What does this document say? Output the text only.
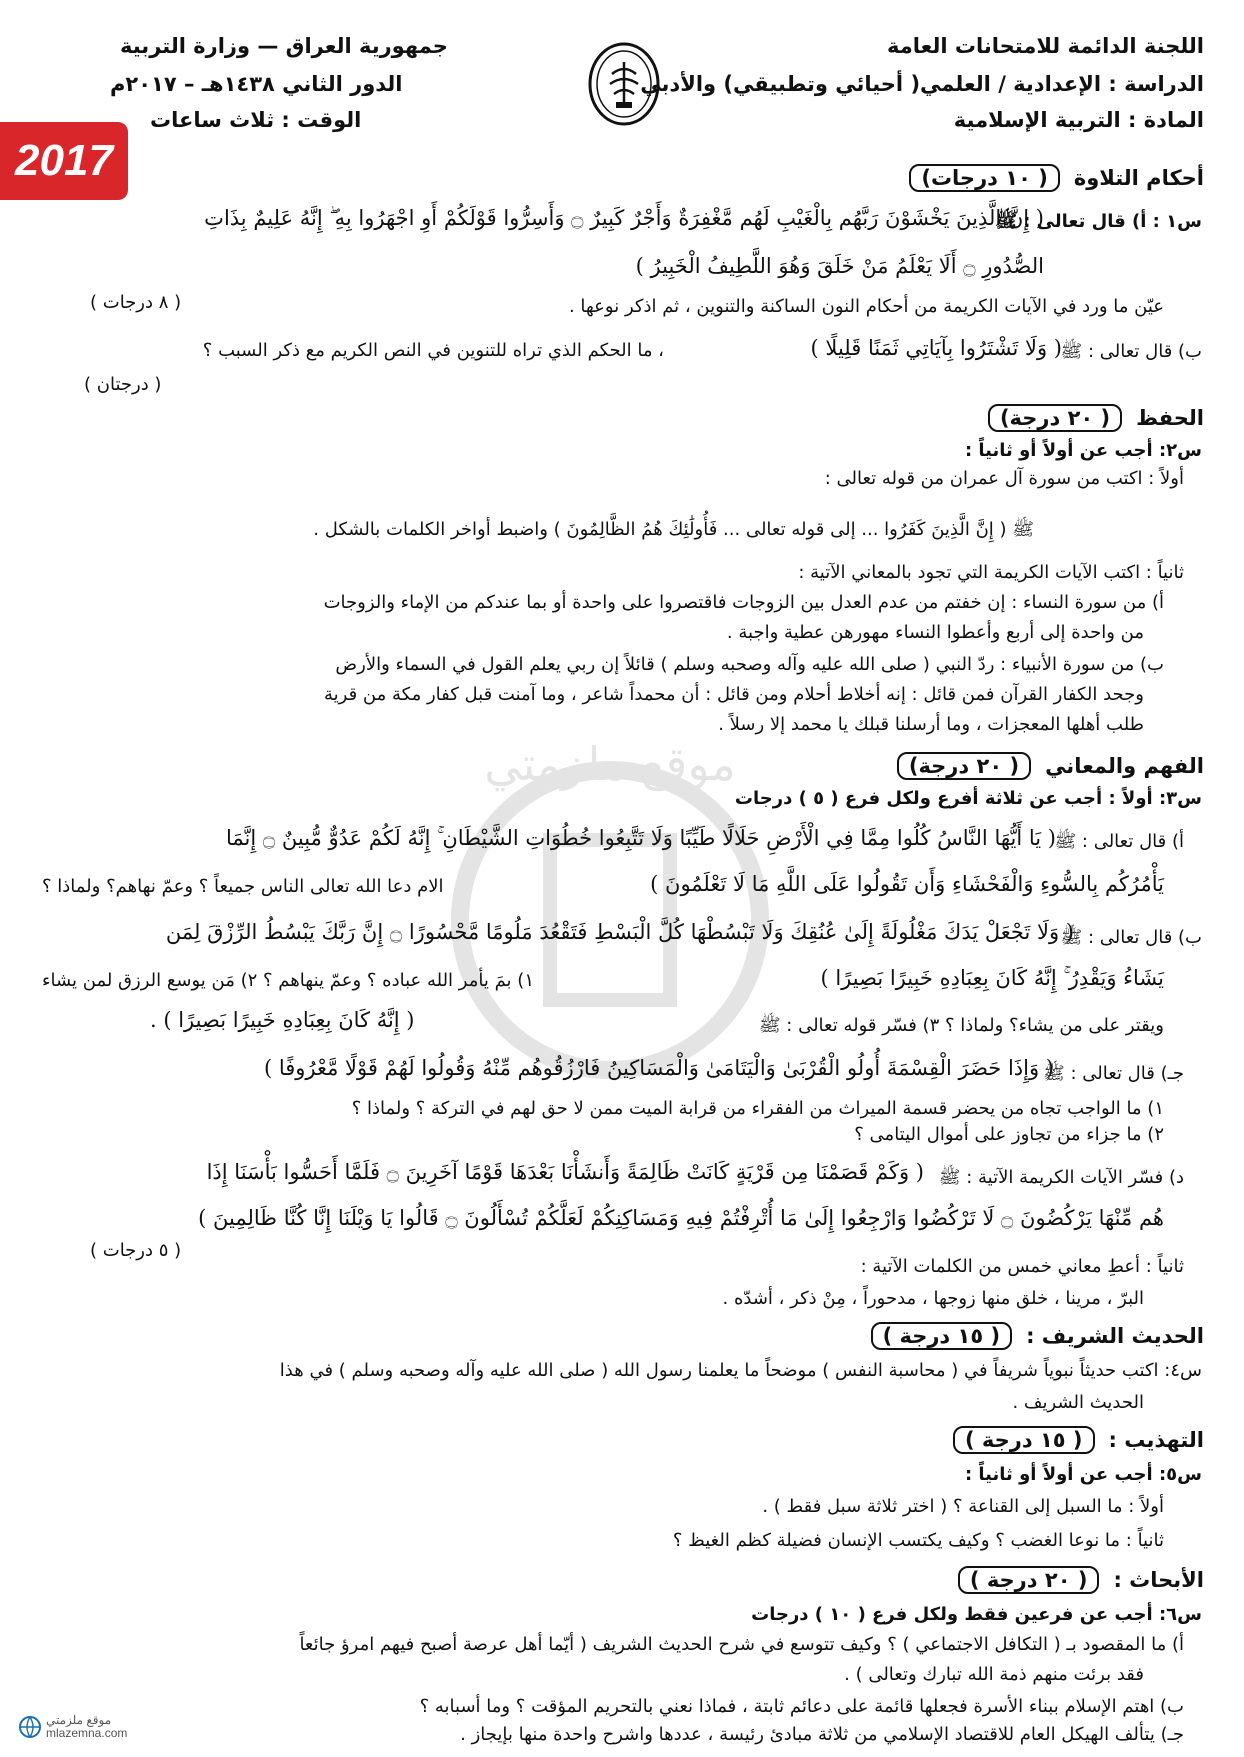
موقع ملزمتي
اللجنة الدائمة للامتحانات العامة
الدراسة : الإعدادية / العلمي( أحيائي وتطبيقي) والأدبي
المادة : التربية الإسلامية
جمهورية العراق — وزارة التربية
الدور الثاني ١٤٣٨هـ – ٢٠١٧م
الوقت : ثلاث ساعات
2017	أحكام التلاوة( ١٠ درجات)
س١ : أ) قال تعالى : ﷺ
( إِنَّ الَّذِينَ يَخْشَوْنَ رَبَّهُم بِالْغَيْبِ لَهُم مَّغْفِرَةٌ وَأَجْرٌ كَبِيرٌ ۝ وَأَسِرُّوا قَوْلَكُمْ أَوِ اجْهَرُوا بِهِ ۖ إِنَّهُ عَلِيمٌ بِذَاتِ
الصُّدُورِ ۝ أَلَا يَعْلَمُ مَنْ خَلَقَ وَهُوَ اللَّطِيفُ الْخَبِيرُ )
عيّن ما ورد في الآيات الكريمة من أحكام النون الساكنة والتنوين ، ثم اذكر نوعها .
( ٨ درجات )
ب) قال تعالى : ﷺ
( وَلَا تَشْتَرُوا بِآيَاتِي ثَمَنًا قَلِيلًا )
، ما الحكم الذي تراه للتنوين في النص الكريم مع ذكر السبب ؟
( درجتان )
الحفظ( ٢٠ درجة)
س٢: أجب عن أولاً أو ثانياً :
أولاً : اكتب من سورة آل عمران من قوله تعالى :
ﷺ ( إِنَّ الَّذِينَ كَفَرُوا ... إلى قوله تعالى ... فَأُولَٰئِكَ هُمُ الظَّالِمُونَ ) واضبط أواخر الكلمات بالشكل .
ثانياً : اكتب الآيات الكريمة التي تجود بالمعاني الآتية :
أ) من سورة النساء : إن خفتم من عدم العدل بين الزوجات فاقتصروا على واحدة أو بما عندكم من الإماء والزوجات
من واحدة إلى أربع وأعطوا النساء مهورهن عطية واجبة .
ب) من سورة الأنبياء : ردّ النبي ( صلى الله عليه وآله وصحبه وسلم ) قائلاً إن ربي يعلم القول في السماء والأرض
وجحد الكفار القرآن فمن قائل : إنه أخلاط أحلام ومن قائل : أن محمداً شاعر ، وما آمنت قبل كفار مكة من قرية
طلب أهلها المعجزات ، وما أرسلنا قبلك يا محمد إلا رسلاً .
الفهم والمعاني( ٢٠ درجة)
س٣: أولاً : أجب عن ثلاثة أفرع ولكل فرع ( ٥ ) درجات
أ) قال تعالى : ﷺ
( يَا أَيُّهَا النَّاسُ كُلُوا مِمَّا فِي الْأَرْضِ حَلَالًا طَيِّبًا وَلَا تَتَّبِعُوا خُطُوَاتِ الشَّيْطَانِ ۚ إِنَّهُ لَكُمْ عَدُوٌّ مُّبِينٌ ۝ إِنَّمَا
يَأْمُرُكُم بِالسُّوءِ وَالْفَحْشَاءِ وَأَن تَقُولُوا عَلَى اللَّهِ مَا لَا تَعْلَمُونَ )
الام دعا الله تعالى الناس جميعاً ؟ وعمّ نهاهم؟ ولماذا ؟
ب) قال تعالى : ﷺ
( وَلَا تَجْعَلْ يَدَكَ مَغْلُولَةً إِلَىٰ عُنُقِكَ وَلَا تَبْسُطْهَا كُلَّ الْبَسْطِ فَتَقْعُدَ مَلُومًا مَّحْسُورًا ۝ إِنَّ رَبَّكَ يَبْسُطُ الرِّزْقَ لِمَن
يَشَاءُ وَيَقْدِرُ ۚ إِنَّهُ كَانَ بِعِبَادِهِ خَبِيرًا بَصِيرًا )
١) بمَ يأمر الله عباده ؟ وعمّ ينهاهم ؟ ٢) مَن يوسع الرزق لمن يشاء
ويقتر على من يشاء؟ ولماذا ؟ ٣) فسّر قوله تعالى : ﷺ
( إِنَّهُ كَانَ بِعِبَادِهِ خَبِيرًا بَصِيرًا ) .
جـ) قال تعالى : ﷺ
( وَإِذَا حَضَرَ الْقِسْمَةَ أُولُو الْقُرْبَىٰ وَالْيَتَامَىٰ وَالْمَسَاكِينُ فَارْزُقُوهُم مِّنْهُ وَقُولُوا لَهُمْ قَوْلًا مَّعْرُوفًا )
١) ما الواجب تجاه من يحضر قسمة الميراث من الفقراء من قرابة الميت ممن لا حق لهم في التركة ؟ ولماذا ؟
٢) ما جزاء من تجاوز على أموال اليتامى ؟
د) فسّر الآيات الكريمة الآتية : ﷺ
( وَكَمْ قَصَمْنَا مِن قَرْيَةٍ كَانَتْ ظَالِمَةً وَأَنشَأْنَا بَعْدَهَا قَوْمًا آخَرِينَ ۝ فَلَمَّا أَحَسُّوا بَأْسَنَا إِذَا
هُم مِّنْهَا يَرْكُضُونَ ۝ لَا تَرْكُضُوا وَارْجِعُوا إِلَىٰ مَا أُتْرِفْتُمْ فِيهِ وَمَسَاكِنِكُمْ لَعَلَّكُمْ تُسْأَلُونَ ۝ قَالُوا يَا وَيْلَنَا إِنَّا كُنَّا ظَالِمِينَ )
ثانياً : أعطِ معاني خمس من الكلمات الآتية :
( ٥ درجات )
البرّ ، مرينا ، خلق منها زوجها ، مدحوراً ، مِنْ ذكر ، أشدّه .
الحديث الشريف :( ١٥ درجة )
س٤: اكتب حديثاً نبوياً شريفاً في ( محاسبة النفس ) موضحاً ما يعلمنا رسول الله ( صلى الله عليه وآله وصحبه وسلم ) في هذا
الحديث الشريف .
التهذيب :( ١٥ درجة )
س٥: أجب عن أولاً أو ثانياً :
أولاً : ما السبل إلى القناعة ؟ ( اختر ثلاثة سبل فقط ) .
ثانياً : ما نوعا الغضب ؟ وكيف يكتسب الإنسان فضيلة كظم الغيظ ؟
الأبحاث :( ٢٠ درجة )
س٦: أجب عن فرعين فقط ولكل فرع ( ١٠ ) درجات
أ) ما المقصود بـ ( التكافل الاجتماعي ) ؟ وكيف تتوسع في شرح الحديث الشريف ( أيّما أهل عرصة أصبح فيهم امرؤ جائعاً
فقد برئت منهم ذمة الله تبارك وتعالى ) .
ب) اهتم الإسلام ببناء الأسرة فجعلها قائمة على دعائم ثابتة ، فماذا نعني بالتحريم المؤقت ؟ وما أسبابه ؟
جـ) يتألف الهيكل العام للاقتصاد الإسلامي من ثلاثة مبادئ رئيسة ، عددها واشرح واحدة منها بإيجاز .
موقع ملزمتي
mlazemna.com
